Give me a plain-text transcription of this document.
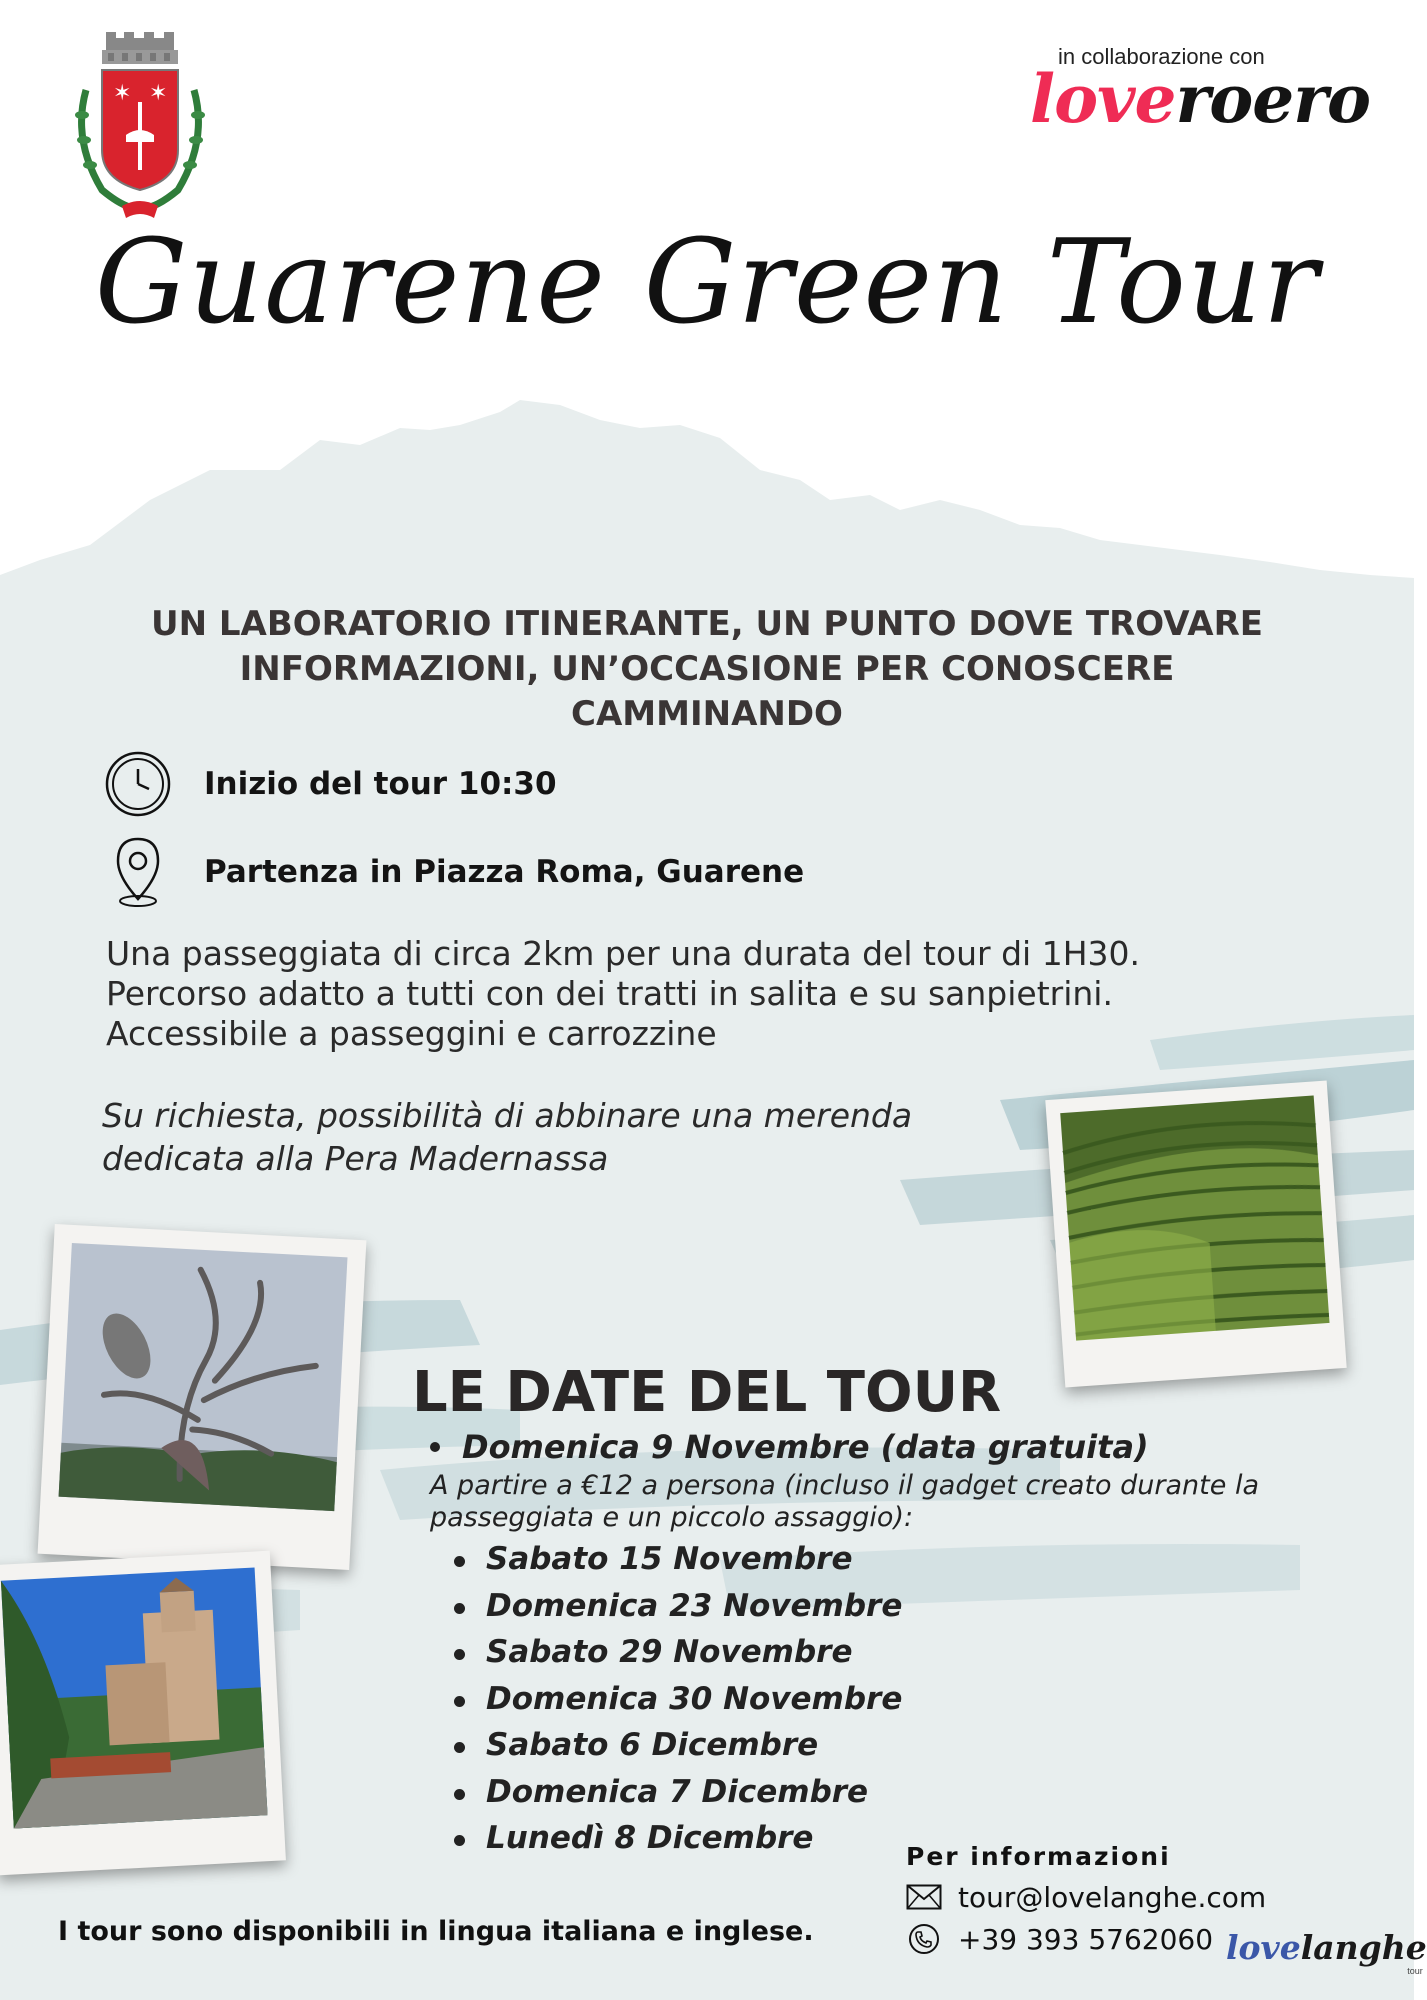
✶ ✶
in collaborazione con
loveroero
Guarene Green Tour
UN LABORATORIO ITINERANTE, UN PUNTO DOVE TROVARE INFORMAZIONI, UN’OCCASIONE PER CONOSCERE CAMMINANDO
Inizio del tour 10:30
Partenza in Piazza Roma, Guarene
Una passeggiata di circa 2km per una durata del tour di 1H30. Percorso adatto a tutti con dei tratti in salita e su sanpietrini. Accessibile a passeggini e carrozzine
Su richiesta, possibilità di abbinare una merenda dedicata alla Pera Madernassa
LE DATE DEL TOUR
Domenica 9 Novembre (data gratuita)
A partire a €12 a persona (incluso il gadget creato durante la passeggiata e un piccolo assaggio):
Sabato 15 Novembre
Domenica 23 Novembre
Sabato 29 Novembre
Domenica 30 Novembre
Sabato 6 Dicembre
Domenica 7 Dicembre
Lunedì 8 Dicembre
I tour sono disponibili in lingua italiana e inglese.
Per informazioni
tour@lovelanghe.com
+39 393 5762060 lovelanghe
tour
